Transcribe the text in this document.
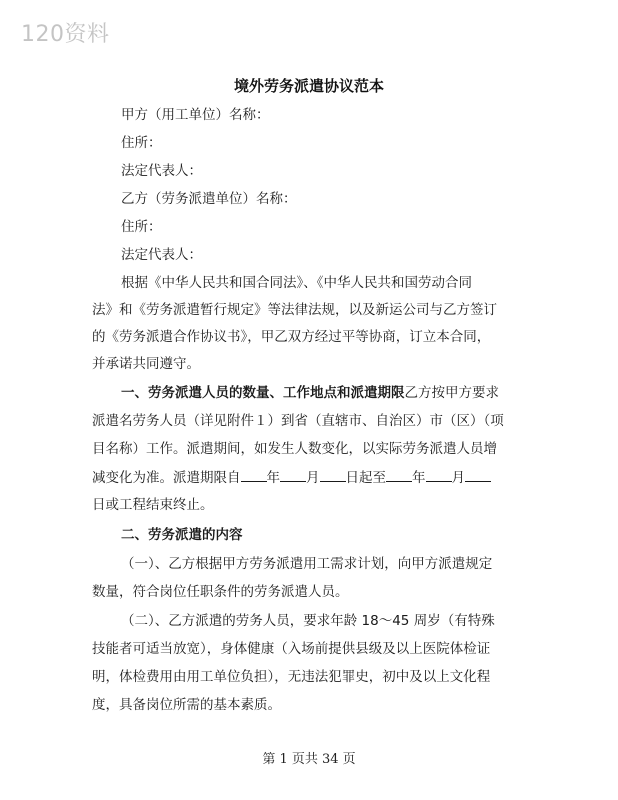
120资料
境外劳务派遣协议范本
甲方（用工单位）名称：
住所：
法定代表人：
乙方（劳务派遣单位）名称：
住所：
法定代表人：
根据《中华人民共和国合同法》、《中华人民共和国劳动合同
法》和《劳务派遣暂行规定》等法律法规，以及新运公司与乙方签订
的《劳务派遣合作协议书》，甲乙双方经过平等协商，订立本合同，
并承诺共同遵守。
一、劳务派遣人员的数量、工作地点和派遣期限乙方按甲方要求
派遣名劳务人员（详见附件１）到省（直辖市、自治区）市（区）（项
目名称）工作。派遣期间，如发生人数变化，以实际劳务派遣人员增
减变化为准。派遣期限自 年 月 日起至 年 月
日或工程结束终止。
二、劳务派遣的内容
（一）、乙方根据甲方劳务派遣用工需求计划，向甲方派遣规定
数量，符合岗位任职条件的劳务派遣人员。
（二）、乙方派遣的劳务人员，要求年龄 18～45 周岁（有特殊
技能者可适当放宽），身体健康（入场前提供县级及以上医院体检证
明，体检费用由用工单位负担），无违法犯罪史，初中及以上文化程
度，具备岗位所需的基本素质。
第 1 页共 34 页
